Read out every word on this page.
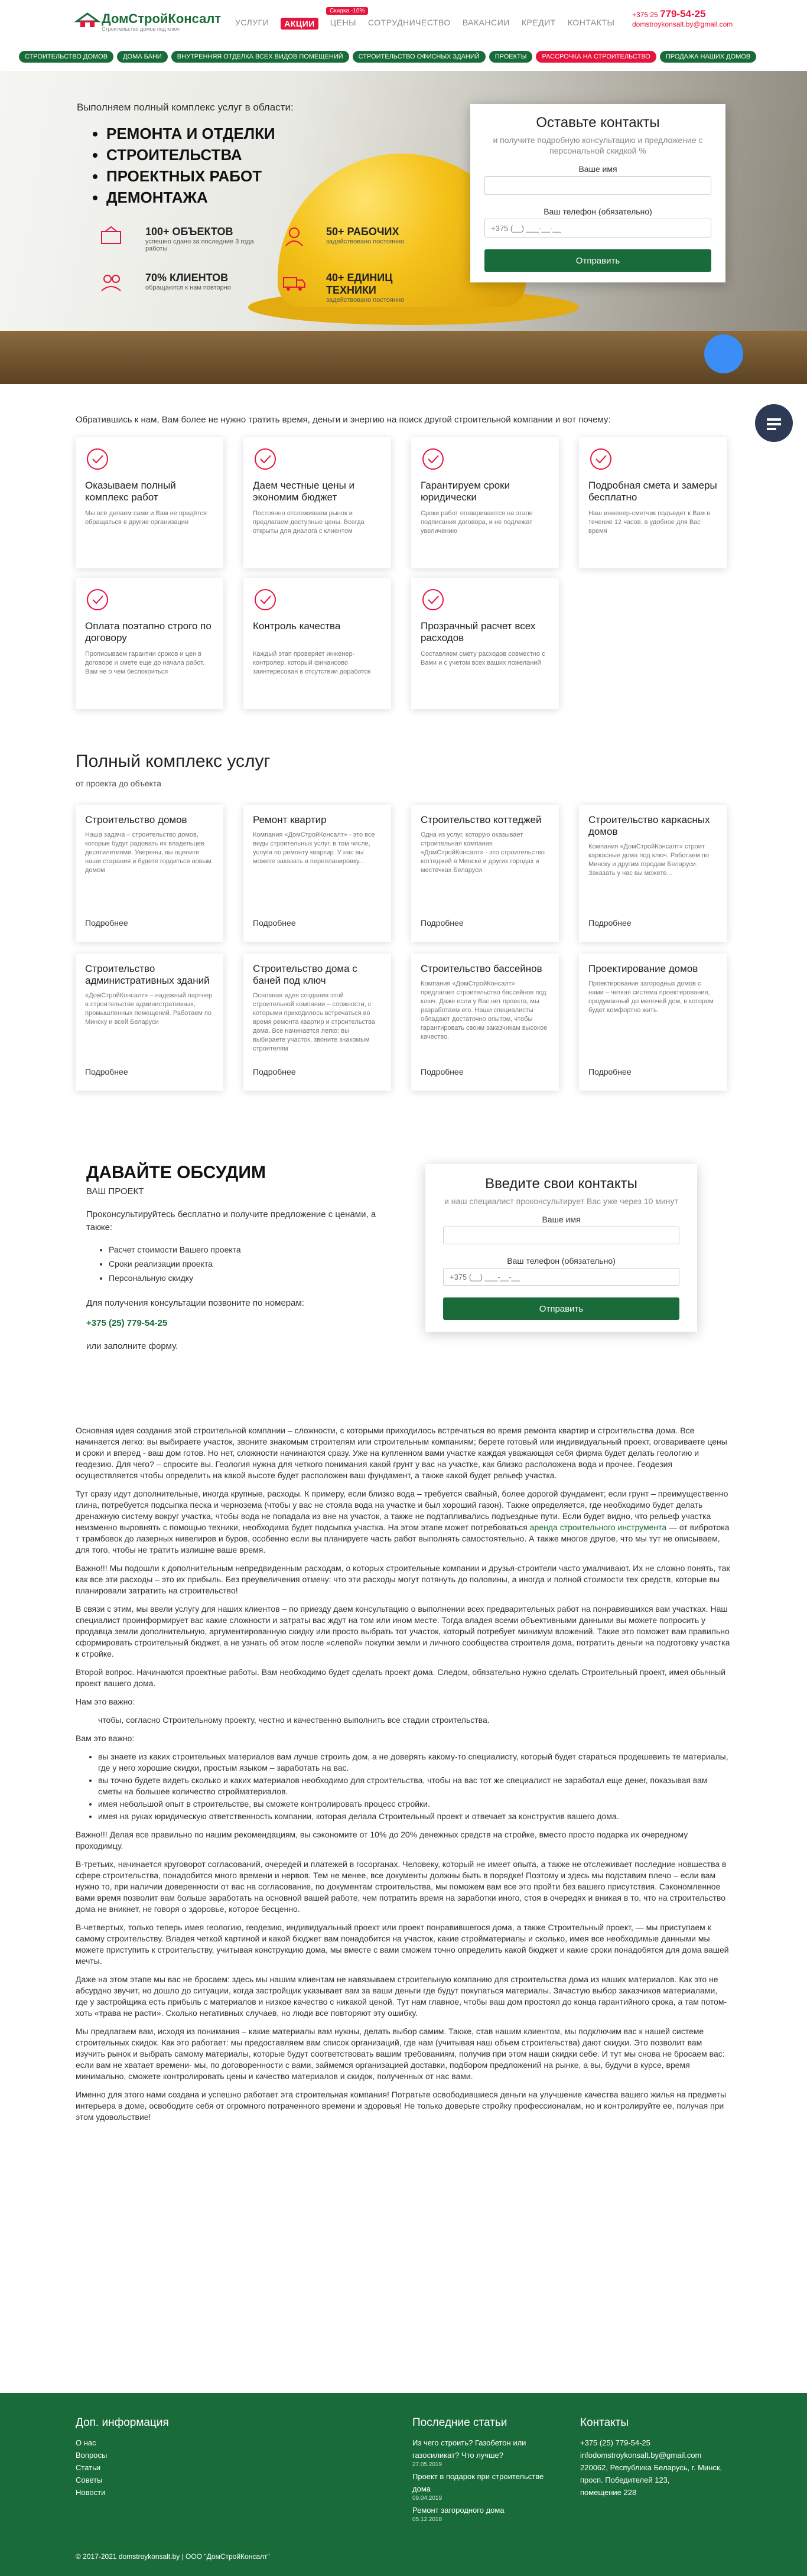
ДомСтройКонсалт
Строительство домов под ключ
Скидка -10%
УСЛУГИ	АКЦИИ	ЦЕНЫ СОТРУДНИЧЕСТВО ВАКАНСИИ КРЕДИТ КОНТАКТЫ
+375 25 779-54-25
domstroykonsalt.by@gmail.com
СТРОИТЕЛЬСТВО ДОМОВ	ДОМА БАНИ	ВНУТРЕННЯЯ ОТДЕЛКА ВСЕХ ВИДОВ ПОМЕЩЕНИЙ	СТРОИТЕЛЬСТВО ОФИСНЫХ ЗДАНИЙ	ПРОЕКТЫ	РАССРОЧКА НА СТРОИТЕЛЬСТВО	ПРОДАЖА НАШИХ ДОМОВ
Выполняем полный комплекс услуг в области:
• РЕМОНТА И ОТДЕЛКИ
• СТРОИТЕЛЬСТВА
• ПРОЕКТНЫХ РАБОТ
• ДЕМОНТАЖА
100+ ОБЪЕКТОВ
успешно сдано за последние 3 года работы
50+ РАБОЧИХ
задействовано постоянно
70% КЛИЕНТОВ
обращаются к нам повторно
40+ ЕДИНИЦ ТЕХНИКИ
задействовано постоянно
Оставьте контакты
и получите подробную консультацию и предложение с персональной скидкой %
Ваше имя
Ваш телефон (обязательно)
+375 (__) ___-__-__ Отправить
Обратившись к нам, Вам более не нужно тратить время, деньги и энергию на поиск другой строительной компании и вот почему:
Оказываем полный комплекс работ
Мы всё делаем сами и Вам не придётся обращаться в другие организации
Даем честные цены и экономим бюджет
Постоянно отслеживаем рынок и предлагаем доступные цены. Всегда открыты для диалога с клиентом
Гарантируем сроки юридически
Сроки работ оговариваются на этапе подписания договора, и не подлежат увеличению
Подробная смета и замеры бесплатно
Наш инженер-сметчик подъедет к Вам в течение 12 часов, в удобное для Вас время
Оплата поэтапно строго по договору
Прописываем гарантии сроков и цен в договоре и смете еще до начала работ. Вам не о чем беспокоиться
Контроль качества
Каждый этап проверяет инженер-контролер, который финансово заинтересован в отсутствии доработок
Прозрачный расчет всех расходов
Составляем смету расходов совместно с Вами и с учетом всех ваших пожеланий
Полный комплекс услуг
от проекта до объекта
Строительство домов
Наша задача – строительство домов, которые будут радовать их владельцев десятилетиями. Уверены, вы оцените наши старания и будете гордиться новым домом
Подробнее
Ремонт квартир
Компания «ДомСтройКонсалт» - это все виды строительных услуг, в том числе, услуги по ремонту квартир. У нас вы можете заказать и перепланировку...
Подробнее
Строительство коттеджей
Одна из услуг, которую оказывает строительная компания «ДомСтройКонсалт» - это строительство коттеджей в Минске и других городах и местечках Беларуси.
Подробнее
Строительство каркасных домов
Компания «ДомСтройКонсалт» строит каркасные дома под ключ. Работаем по Минску и другим городам Беларуси. Заказать у нас вы можете...
Подробнее
Строительство административных зданий
«ДомСтройКонсалт» – надежный партнер в строительстве административных, промышленных помещений. Работаем по Минску и всей Беларуси
Подробнее
Строительство дома с баней под ключ
Основная идея создания этой строительной компании – сложности, с которыми приходилось встречаться во время ремонта квартир и строительства дома. Все начинается легко: вы выбираете участок, звоните знакомым строителям
Подробнее
Строительство бассейнов
Компания «ДомСтройКонсалт» предлагает строительство бассейнов под ключ. Даже если у Вас нет проекта, мы разработаем его. Наши специалисты обладают достаточно опытом, чтобы гарантировать своим заказчикам высокое качество.
Подробнее
Проектирование домов
Проектирование загородных домов с нами – четкая система проектирования, продуманный до мелочей дом, в котором будет комфортно жить.
Подробнее
ДАВАЙТЕ ОБСУДИМ
ВАШ ПРОЕКТ

Проконсультируйтесь бесплатно и получите предложение с ценами, а также:

• Расчет стоимости Вашего проекта
• Сроки реализации проекта
• Персональную скидку

Для получения консультации позвоните по номерам:

+375 (25) 779-54-25

или заполните форму.

Введите свои контакты
и наш специалист проконсультирует Вас уже через 10 минут
Ваше имя
Ваш телефон (обязательно)
+375 (__) ___-__-__ Отправить

Основная идея создания этой строительной компании – сложности, с которыми приходилось встречаться во время ремонта квартир и строительства дома. Все начинается легко: вы выбираете участок, звоните знакомым строителям или строительным компаниям; берете готовый или индивидуальный проект, оговариваете цены и сроки и вперед - ваш дом готов. Но нет, сложности начинаются сразу. Уже на купленном вами участке каждая уважающая себя фирма будет делать геологию и геодезию. Для чего? – спросите вы. Геология нужна для четкого понимания какой грунт у вас на участке, как близко расположена вода и прочее. Геодезия осуществляется чтобы определить на какой высоте будет расположен ваш фундамент, а также какой будет рельеф участка.

Тут сразу идут дополнительные, иногда крупные, расходы. К примеру, если близко вода – требуется свайный, более дорогой фундамент; если грунт – преимущественно глина, потребуется подсыпка песка и чернозема (чтобы у вас не стояла вода на участке и был хороший газон). Также определяется, где необходимо будет делать дренажную систему вокруг участка, чтобы вода не попадала из вне на участок, а также не подтапливались подъездные пути. Если будет видно, что рельеф участка неизменно выровнять с помощью техники, необходима будет подсыпка участка. На этом этапе может потребоваться аренда строительного инструмента — от вибротока т трамбовок до лазерных нивелиров и буров, особенно если вы планируете часть работ выполнять самостоятельно. А также многое другое, что мы тут не описываем, для того, чтобы не тратить излишне ваше время.

Важно!!! Мы подошли к дополнительным непредвиденным расходам, о которых строительные компании и друзья-строители часто умалчивают. Их не сложно понять, так как все эти расходы – это их прибыль. Без преувеличения отмечу: что эти расходы могут потянуть до половины, а иногда и полной стоимости тех средств, которые вы планировали затратить на строительство!

В связи с этим, мы ввели услугу для наших клиентов – по приезду даем консультацию о выполнении всех предварительных работ на понравившихся вам участках. Наш специалист проинформирует вас какие сложности и затраты вас ждут на том или ином месте. Тогда владея всеми объективными данными вы можете попросить у продавца земли дополнительную, аргументированную скидку или просто выбрать тот участок, который потребует минимум вложений. Такие это поможет вам правильно сформировать строительный бюджет, а не узнать об этом после «слепой» покупки земли и личного сообщества строителя дома, потратить деньги на подготовку участка к стройке.

Второй вопрос. Начинаются проектные работы. Вам необходимо будет сделать проект дома. Следом, обязательно нужно сделать Строительный проект, имея обычный проект вашего дома.

Нам это важно:

чтобы, согласно Строительному проекту, честно и качественно выполнить все стадии строительства.

Вам это важно:

• вы знаете из каких строительных материалов вам лучше строить дом, а не доверять какому-то специалисту, который будет стараться продешевить те материалы, где у него хорошие скидки, простым языком – заработать на вас.
• вы точно будете видеть сколько и каких материалов необходимо для строительства, чтобы на вас тот же специалист не заработал еще денег, показывая вам сметы на большее количество стройматериалов.
• имея небольшой опыт в строительстве, вы сможете контролировать процесс стройки.
• имея на руках юридическую ответственность компании, которая делала Строительный проект и отвечает за конструктив вашего дома.

Важно!!! Делая все правильно по нашим рекомендациям, вы сэкономите от 10% до 20% денежных средств на стройке, вместо просто подарка их очередному проходимцу.

В-третьих, начинается круговорот согласований, очередей и платежей в госорганах. Человеку, который не имеет опыта, а также не отслеживает последние новшества в сфере строительства, понадобится много времени и нервов. Тем не менее, все документы должны быть в порядке! Поэтому и здесь мы подставим плечо – если вам нужно то, при наличии доверенности от вас на согласование, по документам строительства, мы поможем вам все это пройти без вашего присутствия. Сэкономленное вами время позволит вам больше заработать на основной вашей работе, чем потратить время на заработки иного, стоя в очередях и вникая в то, что на строительство дома не вникнет, не говоря о здоровье, которое бесценно.

В-четвертых, только теперь имея геологию, геодезию, индивидуальный проект или проект понравившегося дома, а также Строительный проект, — мы приступаем к самому строительству. Владея четкой картиной и какой бюджет вам понадобится на участок, какие стройматериалы и сколько, имея все необходимые данными мы можете приступить к строительству, учитывая конструкцию дома, мы вместе с вами сможем точно определить какой бюджет и какие сроки понадобятся для дома вашей мечты.

Даже на этом этапе мы вас не бросаем: здесь мы нашим клиентам не навязываем строительную компанию для строительства дома из наших материалов. Как это не абсурдно звучит, но дошло до ситуации, когда застройщик указывает вам за ваши деньги где будут покупаться материалы. Зачастую выбор заказчиков материалами, где у застройщика есть прибыль с материалов и низкое качество с никакой ценой. Тут нам главное, чтобы ваш дом простоял до конца гарантийного срока, а там потом- хоть «трава не расти». Сколько негативных случаев, но люди все повторяют эту ошибку.

Мы предлагаем вам, исходя из понимания – какие материалы вам нужны, делать выбор самим. Также, став нашим клиентом, мы подключим вас к нашей системе строительных скидок. Как это работает: мы предоставляем вам список организаций, где нам (учитывая наш объем строительства) дают скидки. Это позволит вам изучить рынок и выбрать самому материалы, которые будут соответствовать вашим требованиям, получив при этом наши скидки себе. И тут мы снова не бросаем вас: если вам не хватает времени- мы, по договоренности с вами, займемся организацией доставки, подбором предложений на рынке, а вы, будучи в курсе, время минимально, сможете контролировать цены и качество материалов и скидок, полученных от нас вами.

Именно для этого нами создана и успешно работает эта строительная компания! Потратьте освободившиеся деньги на улучшение качества вашего жилья на предметы интерьера в доме, освободите себя от огромного потраченного времени и здоровья! Не только доверьте стройку профессионалам, но и контролируйте ее, получая при этом удовольствие!

Доп. информация
О нас
Вопросы
Статьи
Советы
Новости
Последние статьи
Из чего строить? Газобетон или газосиликат? Что лучше?
27.05.2019
Проект в подарок при строительстве дома
09.04.2019
Ремонт загородного дома
05.12.2018
Контакты
+375 (25) 779-54-25
infodomstroykonsalt.by@gmail.com
220062, Республика Беларусь, г. Минск, просп. Победителей 123,
помещение 228
© 2017-2021 domstroykonsalt.by | ООО "ДомСтройКонсалт"
